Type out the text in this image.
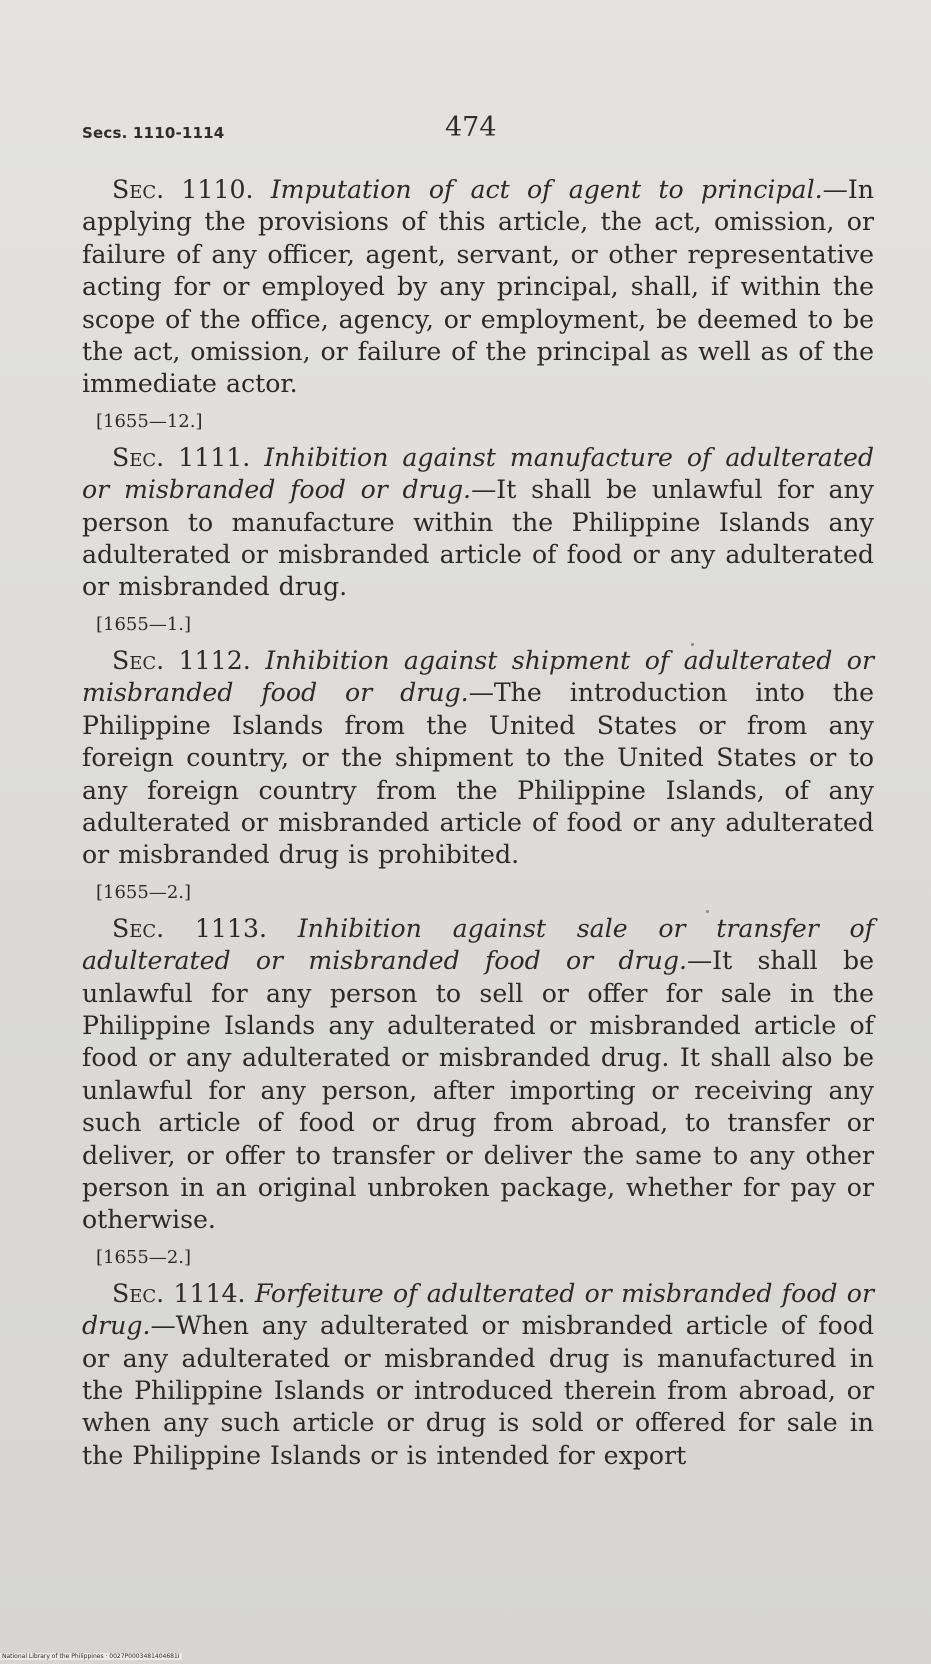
Secs. 1110-1114	474

Sec. 1110. Imputation of act of agent to principal.—In applying the provisions of this article, the act, omission, or failure of any officer, agent, servant, or other representative acting for or employed by any principal, shall, if within the scope of the office, agency, or employment, be deemed to be the act, omission, or failure of the principal as well as of the immediate actor.

[1655—12.]

Sec. 1111. Inhibition against manufacture of adulterated or misbranded food or drug.—It shall be unlawful for any person to manufacture within the Philippine Islands any adulterated or misbranded article of food or any adulterated or misbranded drug.

[1655—1.]

Sec. 1112. Inhibition against shipment of adulterated or misbranded food or drug.—The introduction into the Philippine Islands from the United States or from any foreign country, or the shipment to the United States or to any foreign country from the Philippine Islands, of any adulterated or misbranded article of food or any adulterated or misbranded drug is prohibited.

[1655—2.]

Sec. 1113. Inhibition against sale or transfer of adulterated or misbranded food or drug.—It shall be unlawful for any person to sell or offer for sale in the Philippine Islands any adulterated or misbranded article of food or any adulterated or misbranded drug. It shall also be unlawful for any person, after importing or receiving any such article of food or drug from abroad, to transfer or deliver, or offer to transfer or deliver the same to any other person in an original unbroken package, whether for pay or otherwise.

[1655—2.]

Sec. 1114. Forfeiture of adulterated or misbranded food or drug.—When any adulterated or misbranded article of food or any adulterated or misbranded drug is manufactured in the Philippine Islands or introduced therein from abroad, or when any such article or drug is sold or offered for sale in the Philippine Islands or is intended for export

National Library of the Philippines · 0027P0003481404681I
